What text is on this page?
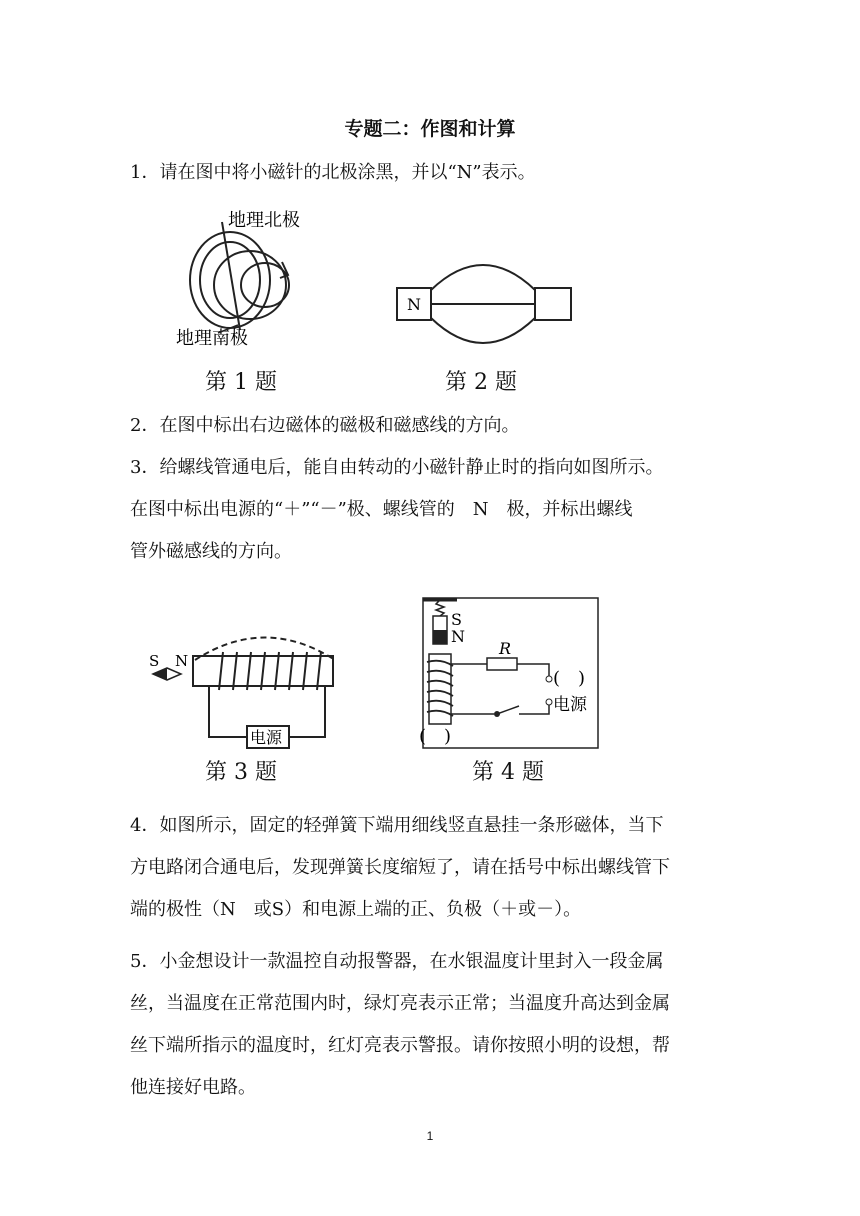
专题二：作图和计算
1．请在图中将小磁针的北极涂黑，并以“N”表示。
地理北极
地理南极
第 1 题
N
第 2 题
2．在图中标出右边磁体的磁极和磁感线的方向。
3．给螺线管通电后，能自由转动的小磁针静止时的指向如图所示。
在图中标出电源的“＋”“－”极、螺线管的　N　极，并标出螺线
管外磁感线的方向。
S N
电源
第 3 题
S
N
R
(　)
电源
(　)
第 4 题
4．如图所示，固定的轻弹簧下端用细线竖直悬挂一条形磁体，当下
方电路闭合通电后，发现弹簧长度缩短了，请在括号中标出螺线管下
端的极性（N　或S）和电源上端的正、负极（＋或－）。
5．小金想设计一款温控自动报警器，在水银温度计里封入一段金属
丝，当温度在正常范围内时，绿灯亮表示正常；当温度升高达到金属
丝下端所指示的温度时，红灯亮表示警报。请你按照小明的设想，帮
他连接好电路。
1
